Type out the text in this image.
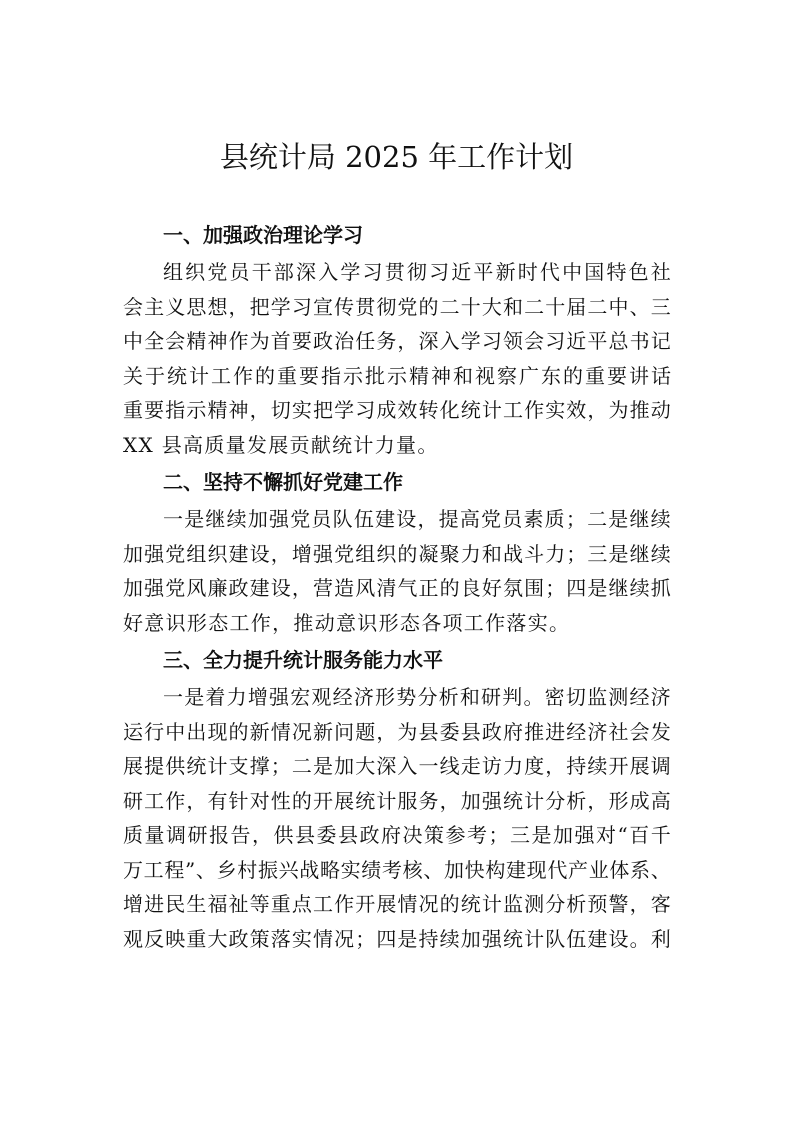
县统计局 2025 年工作计划
一、加强政治理论学习
组 织 党 员 干 部 深 入 学 习 贯 彻 习 近 平 新 时 代 中 国 特 色 社
会 主 义 思 想 ， 把 学 习 宣 传 贯 彻 党 的 二 十 大 和 二 十 届 二 中 、 三
中 全 会 精 神 作 为 首 要 政 治 任 务 ， 深 入 学 习 领 会 习 近 平 总 书 记
关 于 统 计 工 作 的 重 要 指 示 批 示 精 神 和 视 察 广 东 的 重 要 讲 话
重 要 指 示 精 神 ， 切 实 把 学 习 成 效 转 化 统 计 工 作 实 效 ， 为 推 动
XX 县高质量发展贡献统计力量。
二、坚持不懈抓好党建工作
一 是 继 续 加 强 党 员 队 伍 建 设 ， 提 高 党 员 素 质 ； 二 是 继 续
加 强 党 组 织 建 设 ， 增 强 党 组 织 的 凝 聚 力 和 战 斗 力 ； 三 是 继 续
加 强 党 风 廉 政 建 设 ， 营 造 风 清 气 正 的 良 好 氛 围 ； 四 是 继 续 抓
好意识形态工作，推动意识形态各项工作落实。
三、全力提升统计服务能力水平
一 是 着 力 增 强 宏 观 经 济 形 势 分 析 和 研 判 。 密 切 监 测 经 济
运 行 中 出 现 的 新 情 况 新 问 题 ， 为 县 委 县 政 府 推 进 经 济 社 会 发
展 提 供 统 计 支 撑 ； 二 是 加 大 深 入 一 线 走 访 力 度 ， 持 续 开 展 调
研 工 作 ， 有 针 对 性 的 开 展 统 计 服 务 ， 加 强 统 计 分 析 ， 形 成 高
质 量 调 研 报 告 ， 供 县 委 县 政 府 决 策 参 考 ； 三 是 加 强 对 “ 百 千
万 工 程 ” 、 乡 村 振 兴 战 略 实 绩 考 核 、 加 快 构 建 现 代 产 业 体 系 、
增 进 民 生 福 祉 等 重 点 工 作 开 展 情 况 的 统 计 监 测 分 析 预 警 ， 客
观 反 映 重 大 政 策 落 实 情 况 ； 四 是 持 续 加 强 统 计 队 伍 建 设 。 利
